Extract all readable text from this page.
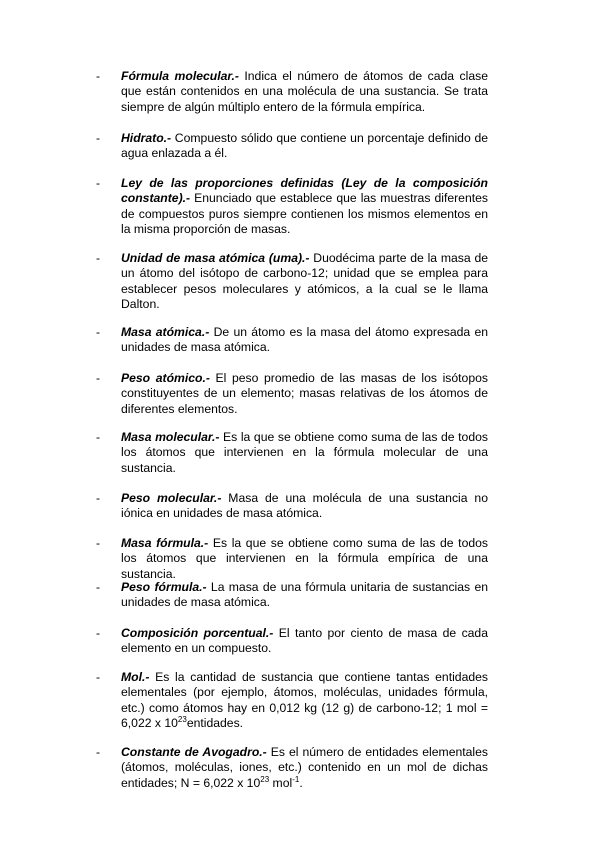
- Fórmula molecular.- Indica el número de átomos de cada clase que están contenidos en una molécula de una sustancia. Se trata siempre de algún múltiplo entero de la fórmula empírica.
- Hidrato.- Compuesto sólido que contiene un porcentaje definido de agua enlazada a él.
- Ley de las proporciones definidas (Ley de la composición constante).- Enunciado que establece que las muestras diferentes de compuestos puros siempre contienen los mismos elementos en la misma proporción de masas.
- Unidad de masa atómica (uma).- Duodécima parte de la masa de un átomo del isótopo de carbono-12; unidad que se emplea para establecer pesos moleculares y atómicos, a la cual se le llama Dalton.
- Masa atómica.- De un átomo es la masa del átomo expresada en unidades de masa atómica.
- Peso atómico.- El peso promedio de las masas de los isótopos constituyentes de un elemento; masas relativas de los átomos de diferentes elementos.
- Masa molecular.- Es la que se obtiene como suma de las de todos los átomos que intervienen en la fórmula molecular de una sustancia.
- Peso molecular.- Masa de una molécula de una sustancia no iónica en unidades de masa atómica.
- Masa fórmula.- Es la que se obtiene como suma de las de todos los átomos que intervienen en la fórmula empírica de una sustancia.
- Peso fórmula.- La masa de una fórmula unitaria de sustancias en unidades de masa atómica.
- Composición porcentual.- El tanto por ciento de masa de cada elemento en un compuesto.
- Mol.- Es la cantidad de sustancia que contiene tantas entidades elementales (por ejemplo, átomos, moléculas, unidades fórmula, etc.) como átomos hay en 0,012 kg (12 g) de carbono-12; 1 mol = 6,022 x $10^{23}entidades$.
- Constante de Avogadro.- Es el número de entidades elementales (átomos, moléculas, iones, etc.) contenido en un mol de dichas entidades; N = 6,022 x $10^{23}$ mol$^{-1}$.
